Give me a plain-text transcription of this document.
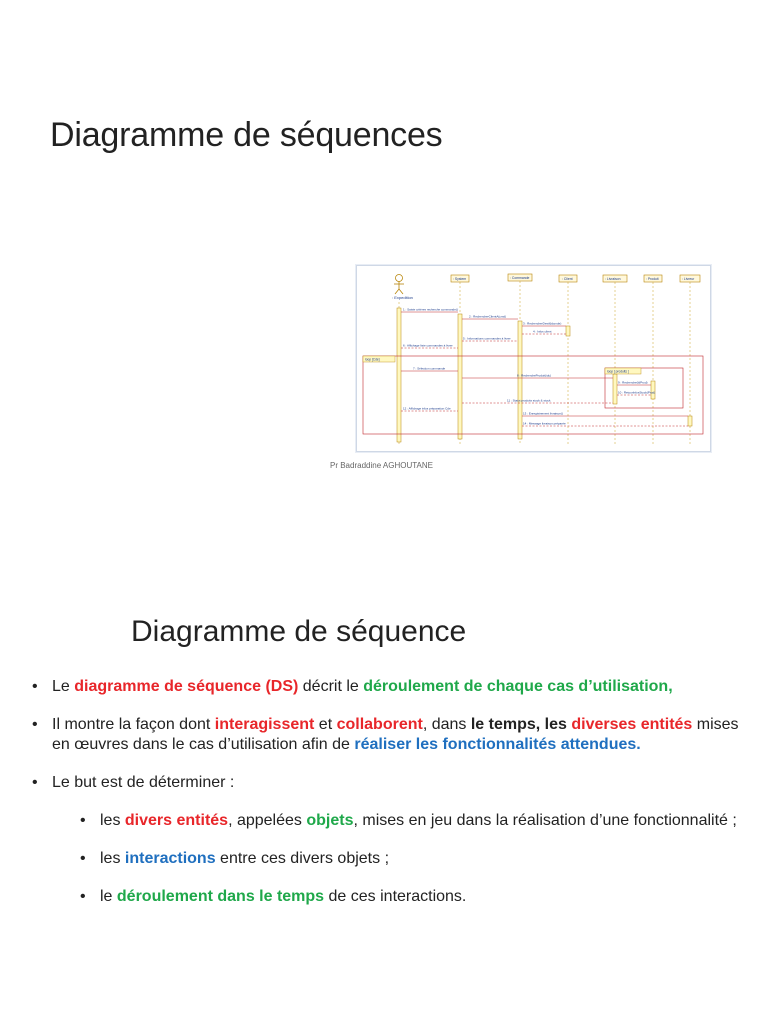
Diagramme de séquences
: Expedition
: System	: Commande	: Client	: Livraison	: Produit	: Livreur
loop [Cde]
loop [ produits ]
1 : Saisie critères recherche commande()
2 : RechercherClientA(cmd)
3 : RechercherDestI(idcmde)
4 : Infos client
5 : Informations commandes à livrer
6 : Affichage liste commandes à livrer
7 : Sélection commande
8 : RechercheProduit(idc)
9 : Recherche(IdProd)
10 : RetourInfosStock(Prod)
11 : Statut produits stock & stock
12 : Affichage infos préparation Cde
13 : Enregistrement livraison()
14 : Message livraison préparée
Pr Badraddine AGHOUTANE
Diagramme de séquence
• Le diagramme de séquence (DS) décrit le déroulement de chaque cas d’utilisation,
• Il montre la façon dont interagissent et collaborent, dans le temps, les diverses entités mises en œuvres dans le cas d’utilisation afin de réaliser les fonctionnalités attendues.
• Le but est de déterminer :
• les divers entités, appelées objets, mises en jeu dans la réalisation d’une fonctionnalité ;
• les interactions entre ces divers objets ;
• le déroulement dans le temps de ces interactions.
